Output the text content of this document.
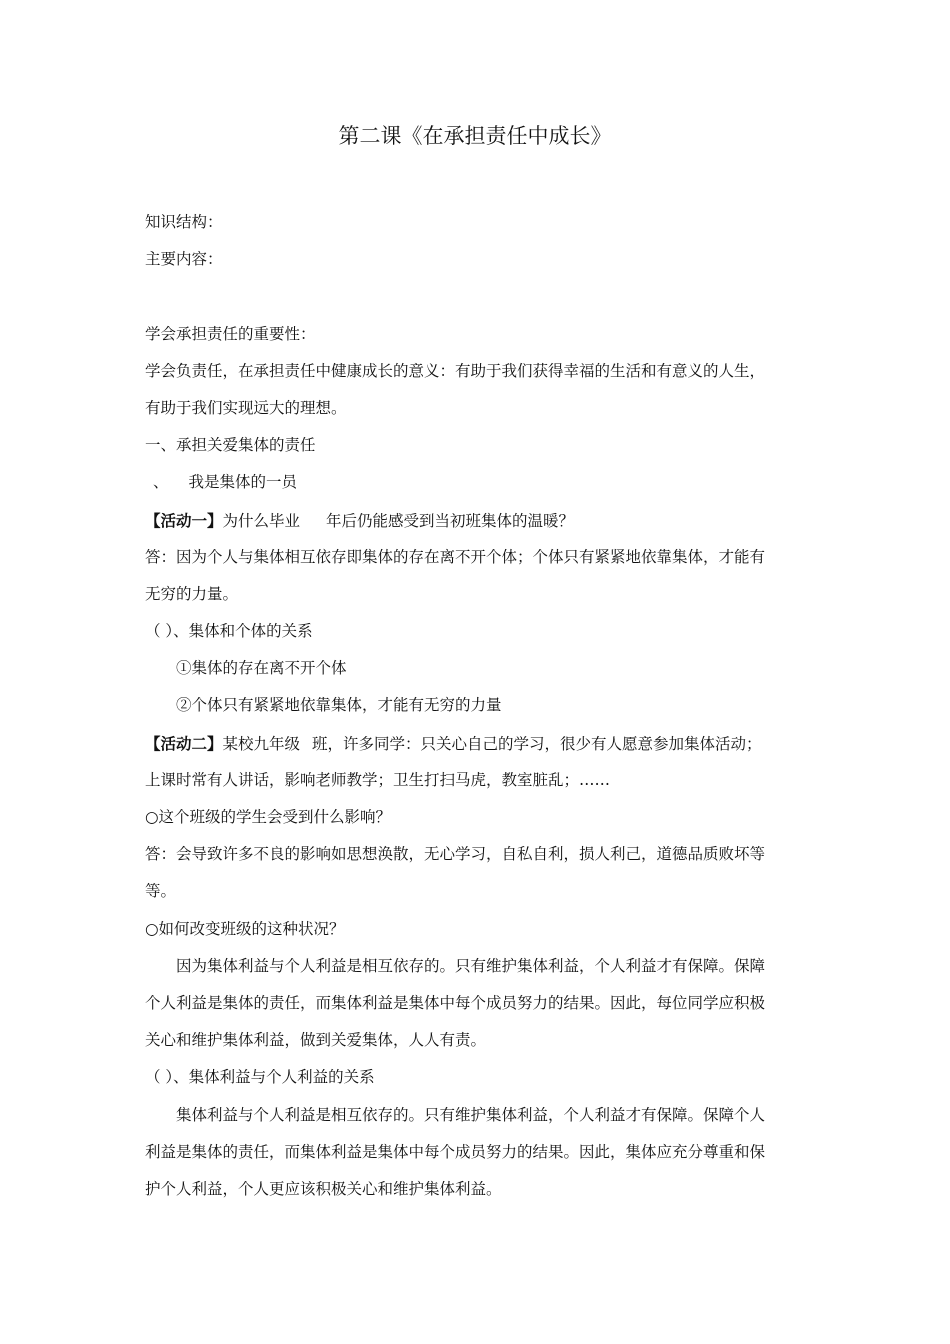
第二课《在承担责任中成长》
知识结构：
主要内容：
学会承担责任的重要性：
学会负责任，在承担责任中健康成长的意义：有助于我们获得幸福的生活和有意义的人生，
有助于我们实现远大的理想。
一、承担关爱集体的责任
、 我是集体的一员
【活动一】为什么毕业 年后仍能感受到当初班集体的温暖？
答：因为个人与集体相互依存即集体的存在离不开个体；个体只有紧紧地依靠集体，才能有
无穷的力量。
（ ）、集体和个体的关系
①集体的存在离不开个体
②个体只有紧紧地依靠集体，才能有无穷的力量
【活动二】某校九年级 班，许多同学：只关心自己的学习，很少有人愿意参加集体活动；
上课时常有人讲话，影响老师教学；卫生打扫马虎，教室脏乱；……
○这个班级的学生会受到什么影响？
答：会导致许多不良的影响如思想涣散，无心学习，自私自利，损人利己，道德品质败坏等
等。
○如何改变班级的这种状况？
因为集体利益与个人利益是相互依存的。只有维护集体利益，个人利益才有保障。保障
个人利益是集体的责任，而集体利益是集体中每个成员努力的结果。因此，每位同学应积极
关心和维护集体利益，做到关爱集体，人人有责。
（ ）、集体利益与个人利益的关系
集体利益与个人利益是相互依存的。只有维护集体利益，个人利益才有保障。保障个人
利益是集体的责任，而集体利益是集体中每个成员努力的结果。因此，集体应充分尊重和保
护个人利益，个人更应该积极关心和维护集体利益。
